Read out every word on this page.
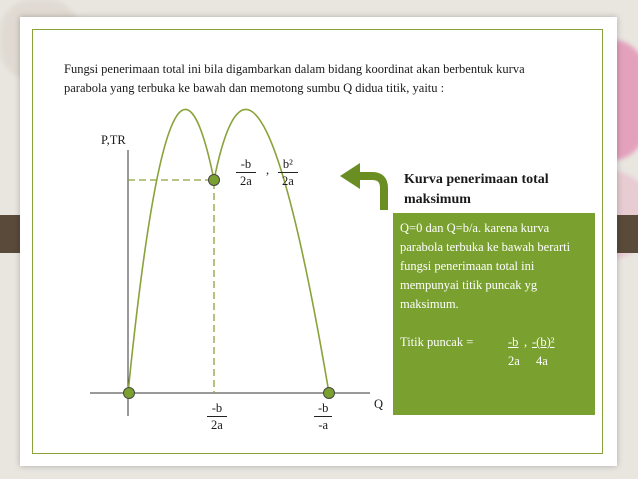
Fungsi penerimaan total ini bila digambarkan dalam bidang koordinat akan berbentuk kurva parabola yang terbuka ke bawah dan memotong sumbu Q didua titik, yaitu :

P,TR
Q
$\frac{-b}{2a}$ , $\frac{\text{b²}}{2a}$
$\frac{-b}{2a}$	$\frac{-b}{-a}$
Kurva penerimaan total maksimum

Q=0 dan Q=b/a. karena kurva parabola terbuka ke bawah berarti fungsi penerimaan total ini mempunyai titik puncak yg maksimum.

Titik puncak =	-b , -(b)²
2a 4a
